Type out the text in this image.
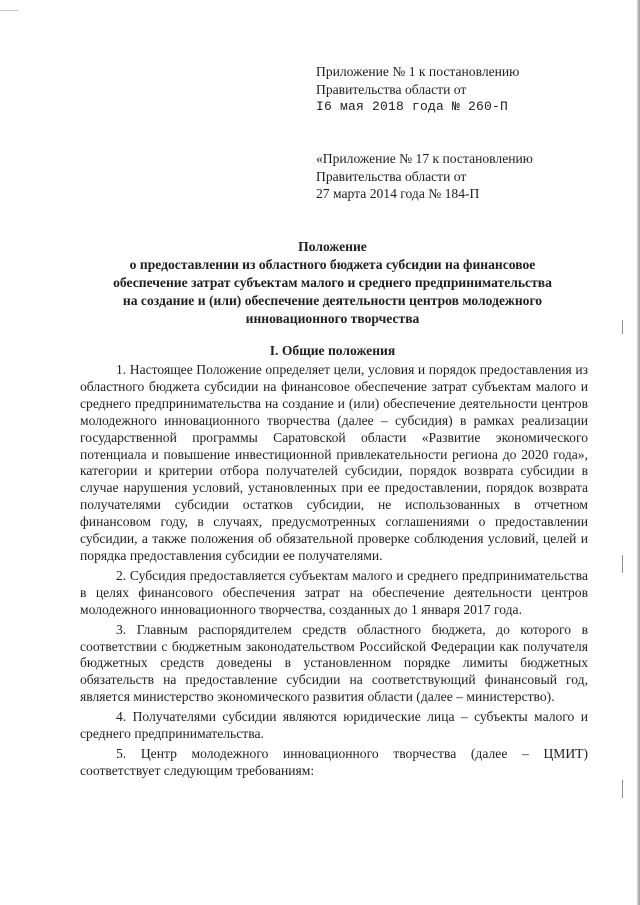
Приложение № 1 к постановлению
Правительства области от
I6 мая 2018 года № 260-П
«Приложение № 17 к постановлению
Правительства области от
27 марта 2014 года № 184-П
Положение
о предоставлении из областного бюджета субсидии на финансовое
обеспечение затрат субъектам малого и среднего предпринимательства
на создание и (или) обеспечение деятельности центров молодежного
инновационного творчества
I. Общие положения

1. Настоящее Положение определяет цели, условия и порядок предоставления из областного бюджета субсидии на финансовое обеспечение затрат субъектам малого и среднего предпринимательства на создание и (или) обеспечение деятельности центров молодежного инновационного творчества (далее – субсидия) в рамках реализации государственной программы Саратовской области «Развитие экономического потенциала и повышение инвестиционной привлекательности региона до 2020 года», категории и критерии отбора получателей субсидии, порядок возврата субсидии в случае нарушения условий, установленных при ее предоставлении, порядок возврата получателями субсидии остатков субсидии, не использованных в отчетном финансовом году, в случаях, предусмотренных соглашениями о предоставлении субсидии, а также положения об обязательной проверке соблюдения условий, целей и порядка предоставления субсидии ее получателями.

2. Субсидия предоставляется субъектам малого и среднего предпринимательства в целях финансового обеспечения затрат на обеспечение деятельности центров молодежного инновационного творчества, созданных до 1 января 2017 года.

3. Главным распорядителем средств областного бюджета, до которого в соответствии с бюджетным законодательством Российской Федерации как получателя бюджетных средств доведены в установленном порядке лимиты бюджетных обязательств на предоставление субсидии на соответствующий финансовый год, является министерство экономического развития области (далее – министерство).

4. Получателями субсидии являются юридические лица – субъекты малого и среднего предпринимательства.

5. Центр молодежного инновационного творчества (далее – ЦМИТ) соответствует следующим требованиям:
